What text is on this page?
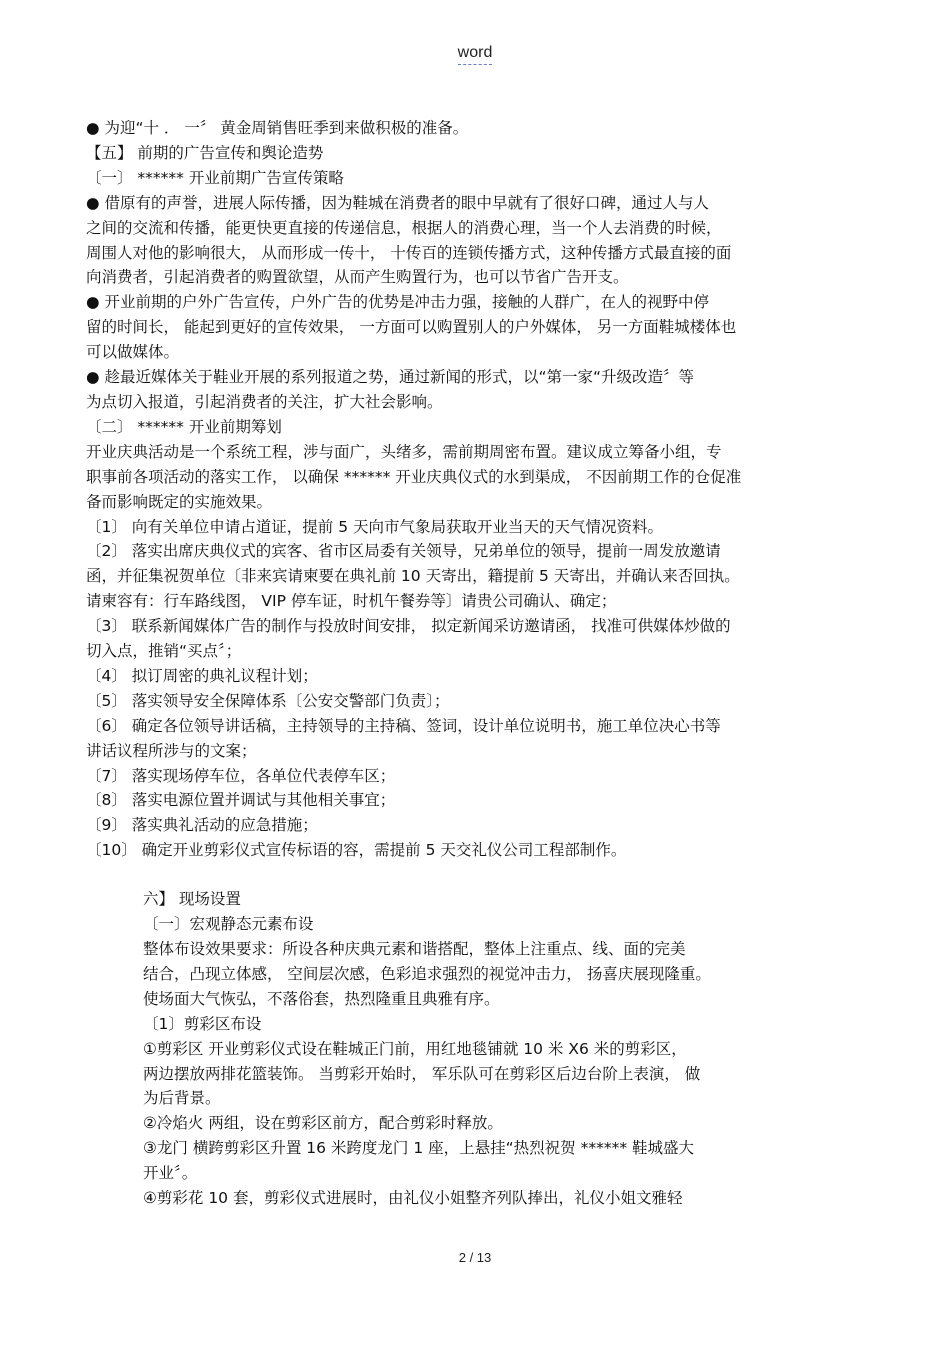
word

● 为迎“十 ． 一〞 黄金周销售旺季到来做积极的准备。

【五】 前期的广告宣传和舆论造势

〔一〕 ****** 开业前期广告宣传策略

● 借原有的声誉，进展人际传播，因为鞋城在消费者的眼中早就有了很好口碑，通过人与人

之间的交流和传播，能更快更直接的传递信息，根据人的消费心理，当一个人去消费的时候，

周围人对他的影响很大， 从而形成一传十， 十传百的连锁传播方式，这种传播方式最直接的面

向消费者，引起消费者的购置欲望，从而产生购置行为，也可以节省广告开支。

● 开业前期的户外广告宣传，户外广告的优势是冲击力强，接触的人群广，在人的视野中停

留的时间长， 能起到更好的宣传效果， 一方面可以购置别人的户外媒体， 另一方面鞋城楼体也

可以做媒体。

● 趁最近媒体关于鞋业开展的系列报道之势，通过新闻的形式，以“第一家“升级改造〞等

为点切入报道，引起消费者的关注，扩大社会影响。

〔二〕 ****** 开业前期筹划

开业庆典活动是一个系统工程，涉与面广，头绪多，需前期周密布置。建议成立筹备小组，专

职事前各项活动的落实工作， 以确保 ****** 开业庆典仪式的水到渠成， 不因前期工作的仓促准

备而影响既定的实施效果。

〔1〕 向有关单位申请占道证，提前 5 天向市气象局获取开业当天的天气情况资料。

〔2〕 落实出席庆典仪式的宾客、省市区局委有关领导，兄弟单位的领导，提前一周发放邀请

函，并征集祝贺单位〔非来宾请柬要在典礼前 10 天寄出，籍提前 5 天寄出，并确认来否回执。

请柬容有：行车路线图， VIP 停车证，时机午餐券等〕请贵公司确认、确定；

〔3〕 联系新闻媒体广告的制作与投放时间安排， 拟定新闻采访邀请函， 找准可供媒体炒做的

切入点，推销“买点〞；

〔4〕 拟订周密的典礼议程计划；

〔5〕 落实领导安全保障体系〔公安交警部门负责〕；

〔6〕 确定各位领导讲话稿，主持领导的主持稿、签词，设计单位说明书，施工单位决心书等

讲话议程所涉与的文案；

〔7〕 落实现场停车位，各单位代表停车区；

〔8〕 落实电源位置并调试与其他相关事宜；

〔9〕 落实典礼活动的应急措施；

〔10〕 确定开业剪彩仪式宣传标语的容，需提前 5 天交礼仪公司工程部制作。

六】 现场设置

〔一〕宏观静态元素布设

整体布设效果要求：所设各种庆典元素和谐搭配，整体上注重点、线、面的完美

结合，凸现立体感， 空间层次感，色彩追求强烈的视觉冲击力， 扬喜庆展现隆重。

使场面大气恢弘，不落俗套，热烈隆重且典雅有序。

〔1〕剪彩区布设

①剪彩区 开业剪彩仪式设在鞋城正门前，用红地毯铺就 10 米 X6 米的剪彩区，

两边摆放两排花篮装饰。 当剪彩开始时， 军乐队可在剪彩区后边台阶上表演， 做

为后背景。

②冷焰火 两组，设在剪彩区前方，配合剪彩时释放。

③龙门 横跨剪彩区升置 16 米跨度龙门 1 座，上悬挂“热烈祝贺 ****** 鞋城盛大

开业〞。

④剪彩花 10 套，剪彩仪式进展时，由礼仪小姐整齐列队捧出，礼仪小姐文雅轻

2 / 13
